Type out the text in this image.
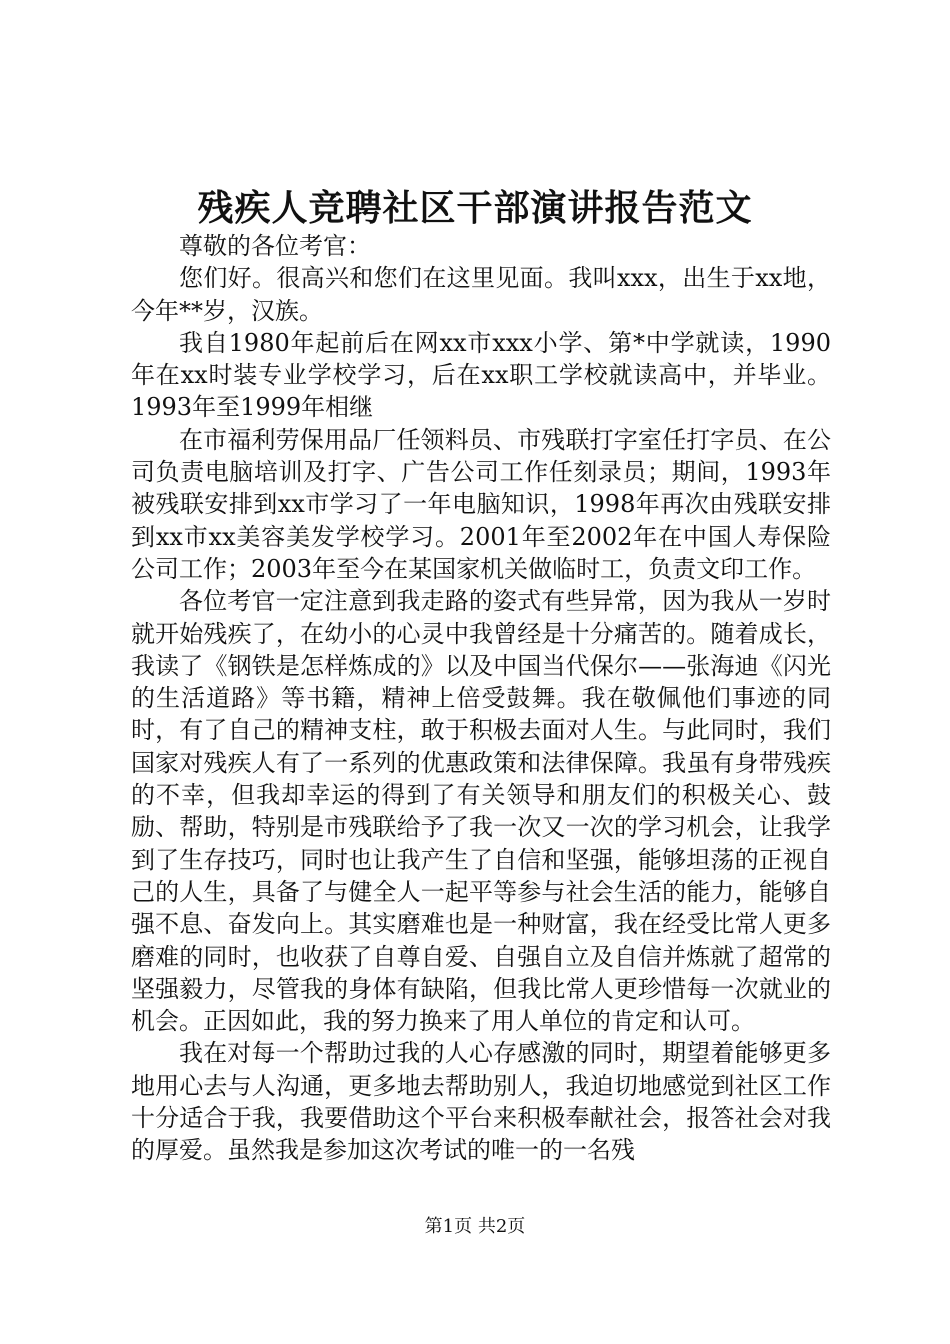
残疾人竞聘社区干部演讲报告范文

尊敬的各位考官：

您们好。很高兴和您们在这里见面。我叫xxx，出生于xx地，今年**岁，汉族。

我自1980年起前后在网xx市xxx小学、第*中学就读，1990年在xx时装专业学校学习，后在xx职工学校就读高中，并毕业。1993年至1999年相继

在市福利劳保用品厂任领料员、市残联打字室任打字员、在公司负责电脑培训及打字、广告公司工作任刻录员；期间，1993年被残联安排到xx市学习了一年电脑知识，1998年再次由残联安排到xx市xx美容美发学校学习。2001年至2002年在中国人寿保险公司工作；2003年至今在某国家机关做临时工，负责文印工作。

各位考官一定注意到我走路的姿式有些异常，因为我从一岁时就开始残疾了，在幼小的心灵中我曾经是十分痛苦的。随着成长，我读了《钢铁是怎样炼成的》以及中国当代保尔——张海迪《闪光的生活道路》等书籍，精神上倍受鼓舞。我在敬佩他们事迹的同时，有了自己的精神支柱，敢于积极去面对人生。与此同时，我们国家对残疾人有了一系列的优惠政策和法律保障。我虽有身带残疾的不幸，但我却幸运的得到了有关领导和朋友们的积极关心、鼓励、帮助，特别是市残联给予了我一次又一次的学习机会，让我学到了生存技巧，同时也让我产生了自信和坚强，能够坦荡的正视自己的人生，具备了与健全人一起平等参与社会生活的能力，能够自强不息、奋发向上。其实磨难也是一种财富，我在经受比常人更多磨难的同时，也收获了自尊自爱、自强自立及自信并炼就了超常的坚强毅力，尽管我的身体有缺陷，但我比常人更珍惜每一次就业的机会。正因如此，我的努力换来了用人单位的肯定和认可。

我在对每一个帮助过我的人心存感激的同时，期望着能够更多地用心去与人沟通，更多地去帮助别人，我迫切地感觉到社区工作十分适合于我，我要借助这个平台来积极奉献社会，报答社会对我的厚爱。虽然我是参加这次考试的唯一的一名残

第1页 共2页
